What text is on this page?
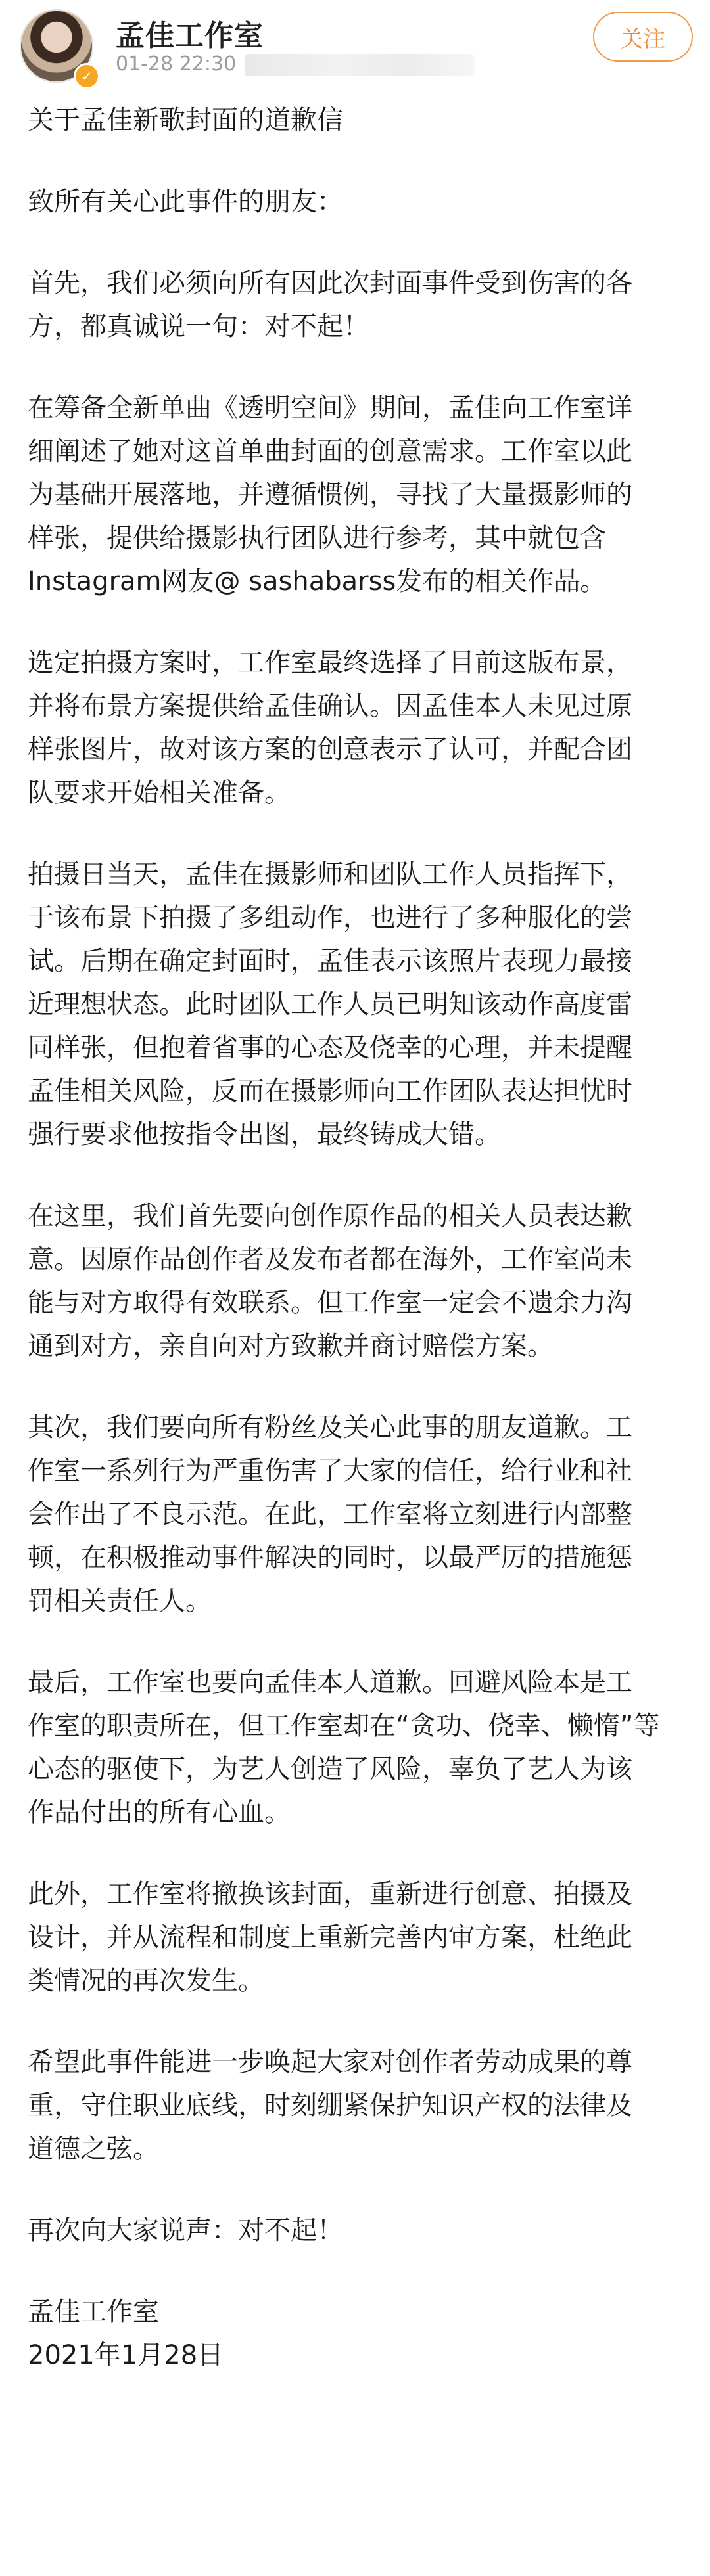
✓
孟佳工作室
01-28 22:30
关注

关于孟佳新歌封面的道歉信

致所有关心此事件的朋友：

首先，我们必须向所有因此次封面事件受到伤害的各
方，都真诚说一句：对不起！

在筹备全新单曲《透明空间》期间，孟佳向工作室详
细阐述了她对这首单曲封面的创意需求。工作室以此
为基础开展落地，并遵循惯例，寻找了大量摄影师的
样张，提供给摄影执行团队进行参考，其中就包含
Instagram网友@ sashabarss发布的相关作品。

选定拍摄方案时，工作室最终选择了目前这版布景，
并将布景方案提供给孟佳确认。因孟佳本人未见过原
样张图片，故对该方案的创意表示了认可，并配合团
队要求开始相关准备。

拍摄日当天，孟佳在摄影师和团队工作人员指挥下，
于该布景下拍摄了多组动作，也进行了多种服化的尝
试。后期在确定封面时，孟佳表示该照片表现力最接
近理想状态。此时团队工作人员已明知该动作高度雷
同样张，但抱着省事的心态及侥幸的心理，并未提醒
孟佳相关风险，反而在摄影师向工作团队表达担忧时
强行要求他按指令出图，最终铸成大错。

在这里，我们首先要向创作原作品的相关人员表达歉
意。因原作品创作者及发布者都在海外，工作室尚未
能与对方取得有效联系。但工作室一定会不遗余力沟
通到对方，亲自向对方致歉并商讨赔偿方案。

其次，我们要向所有粉丝及关心此事的朋友道歉。工
作室一系列行为严重伤害了大家的信任，给行业和社
会作出了不良示范。在此，工作室将立刻进行内部整
顿，在积极推动事件解决的同时，以最严厉的措施惩
罚相关责任人。

最后，工作室也要向孟佳本人道歉。回避风险本是工
作室的职责所在，但工作室却在“贪功、侥幸、懒惰”等
心态的驱使下，为艺人创造了风险，辜负了艺人为该
作品付出的所有心血。

此外，工作室将撤换该封面，重新进行创意、拍摄及
设计，并从流程和制度上重新完善内审方案，杜绝此
类情况的再次发生。

希望此事件能进一步唤起大家对创作者劳动成果的尊
重，守住职业底线，时刻绷紧保护知识产权的法律及
道德之弦。

再次向大家说声：对不起！

孟佳工作室

2021年1月28日
